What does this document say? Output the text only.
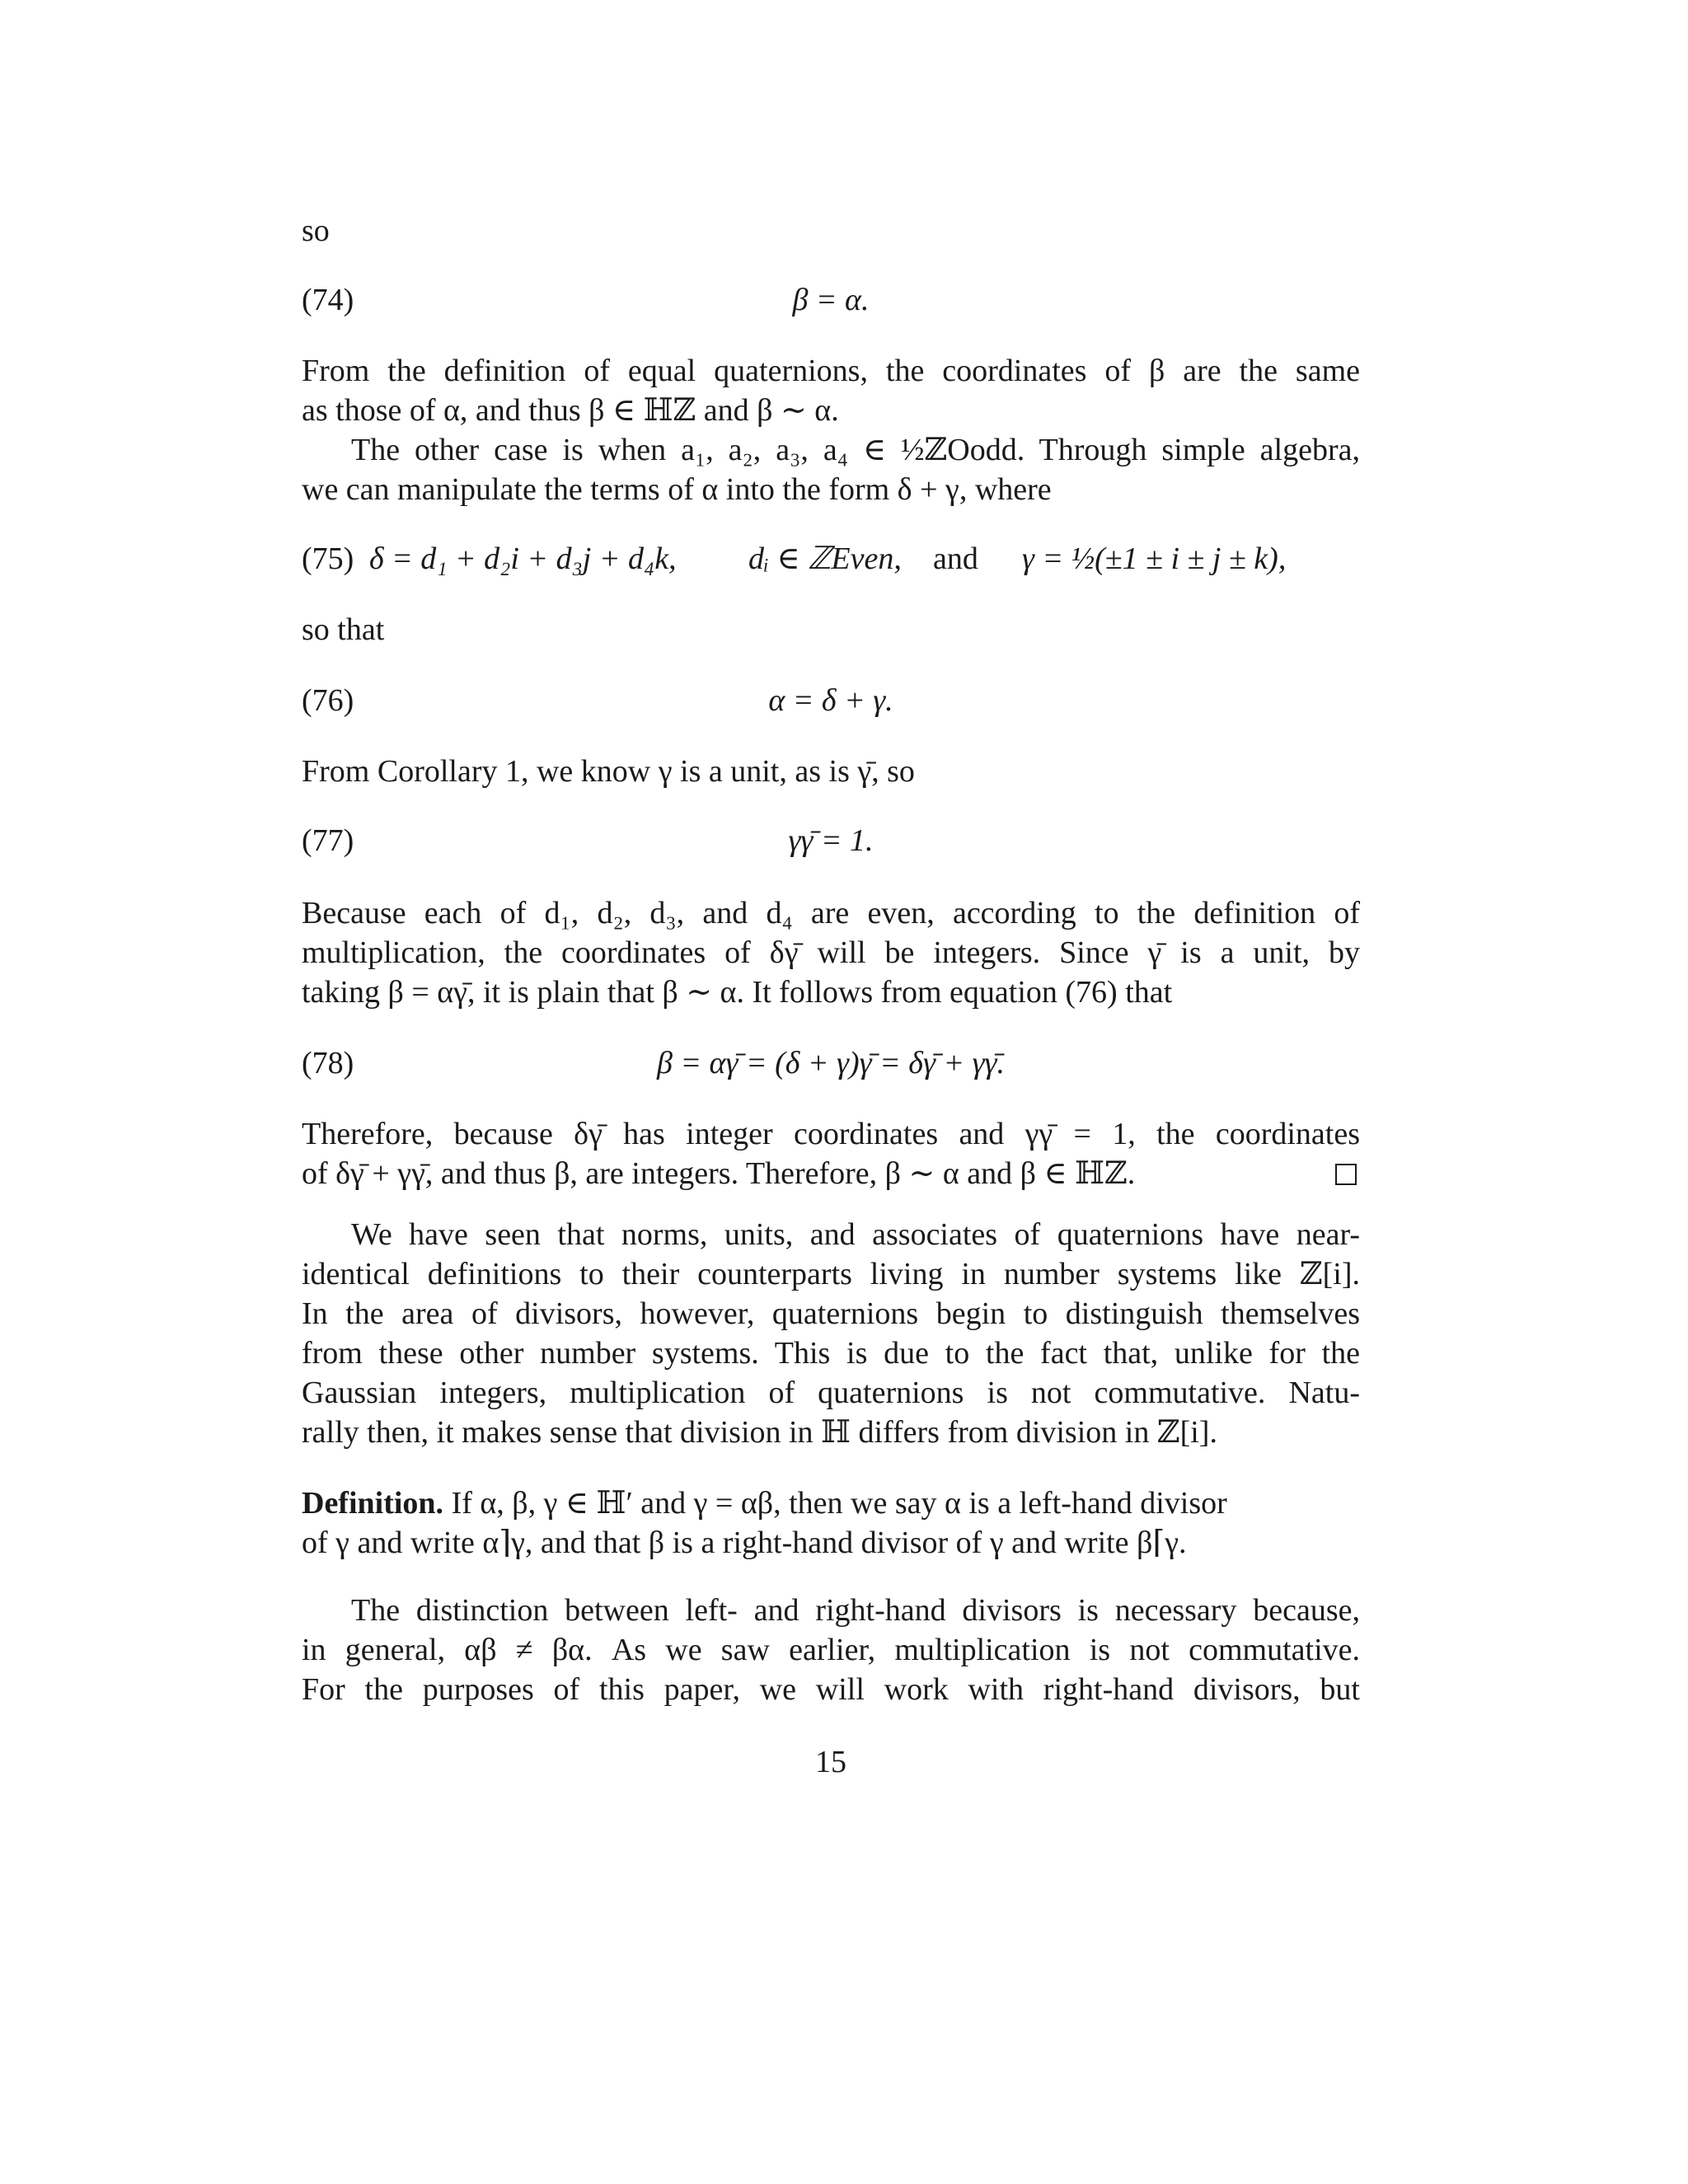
so
(74)	β = α.
From the definition of equal quaternions, the coordinates of β are the same
as those of α, and thus β ∈ ℍℤ and β ∼ α.
The other case is when a₁, a₂, a₃, a₄ ∈ ½ℤOodd. Through simple algebra,
we can manipulate the terms of α into the form δ + γ, where
(75) δ = d₁ + d₂i + d₃j + d₄k, dᵢ ∈ ℤEven, and γ = ½(±1 ± i ± j ± k),
so that
(76)	α = δ + γ.
From Corollary 1, we know γ is a unit, as is γ̄, so
(77)	γγ̄ = 1.
Because each of d₁, d₂, d₃, and d₄ are even, according to the definition of
multiplication, the coordinates of δγ̄ will be integers. Since γ̄ is a unit, by
taking β = αγ̄, it is plain that β ∼ α. It follows from equation (76) that
(78)	β = αγ̄ = (δ + γ)γ̄ = δγ̄ + γγ̄.
Therefore, because δγ̄ has integer coordinates and γγ̄ = 1, the coordinates
of δγ̄ + γγ̄, and thus β, are integers. Therefore, β ∼ α and β ∈ ℍℤ.
We have seen that norms, units, and associates of quaternions have near-
identical definitions to their counterparts living in number systems like ℤ[i].
In the area of divisors, however, quaternions begin to distinguish themselves
from these other number systems. This is due to the fact that, unlike for the
Gaussian integers, multiplication of quaternions is not commutative. Natu-
rally then, it makes sense that division in ℍ differs from division in ℤ[i].
Definition. If α, β, γ ∈ ℍ′ and γ = αβ, then we say α is a left-hand divisor
of γ and write α⌉γ, and that β is a right-hand divisor of γ and write β⌈γ.
The distinction between left- and right-hand divisors is necessary because,
in general, αβ ≠ βα. As we saw earlier, multiplication is not commutative.
For the purposes of this paper, we will work with right-hand divisors, but
15
